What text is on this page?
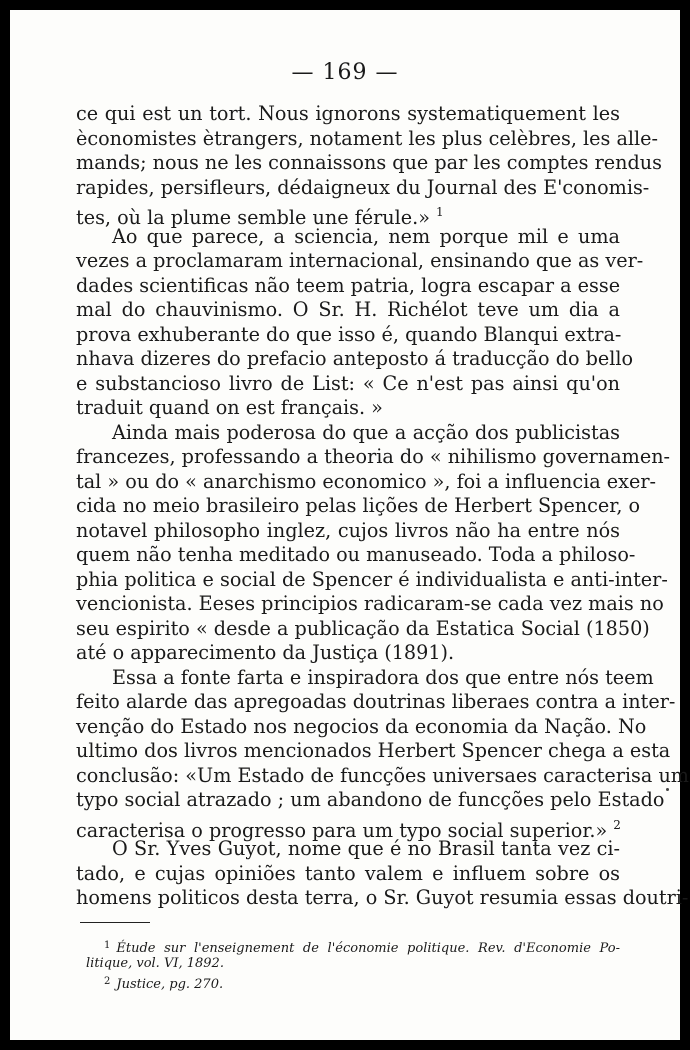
— 169 —
ce qui est un tort. Nous ignorons systematiquement les
èconomistes ètrangers, notament les plus celèbres, les alle-
mands; nous ne les connaissons que par les comptes rendus
rapides, persifleurs, dédaigneux du Journal des E'conomis-
tes, où la plume semble une férule.» $^1$
Ao que parece, a sciencia, nem porque mil e uma
vezes a proclamaram internacional, ensinando que as ver-
dades scientificas não teem patria, logra escapar a esse
mal do chauvinismo. O Sr. H. Richélot teve um dia a
prova exhuberante do que isso é, quando Blanqui extra-
nhava dizeres do prefacio anteposto á traducção do bello
e substancioso livro de List: « Ce n'est pas ainsi qu'on
traduit quand on est français. »
Ainda mais poderosa do que a acção dos publicistas
francezes, professando a theoria do « nihilismo governamen-
tal » ou do « anarchismo economico », foi a influencia exer-
cida no meio brasileiro pelas lições de Herbert Spencer, o
notavel philosopho inglez, cujos livros não ha entre nós
quem não tenha meditado ou manuseado. Toda a philoso-
phia politica e social de Spencer é individualista e anti-inter-
vencionista. Eeses principios radicaram-se cada vez mais no
seu espirito « desde a publicação da Estatica Social (1850)
até o apparecimento da Justiça (1891).
Essa a fonte farta e inspiradora dos que entre nós teem
feito alarde das apregoadas doutrinas liberaes contra a inter-
venção do Estado nos negocios da economia da Nação. No
ultimo dos livros mencionados Herbert Spencer chega a esta
conclusão: «Um Estado de funcções universaes caracterisa um
typo social atrazado ; um abandono de funcções pelo Estado
caracterisa o progresso para um typo social superior.» $^2$
O Sr. Yves Guyot, nome que é no Brasil tanta vez ci-
tado, e cujas opiniões tanto valem e influem sobre os
homens politicos desta terra, o Sr. Guyot resumia essas doutri-
$^1$ Étude sur l'enseignement de l'économie politique. Rev. d'Economie Po-
litique, vol. VI, 1892.
$^2$ Justice, pg. 270.
